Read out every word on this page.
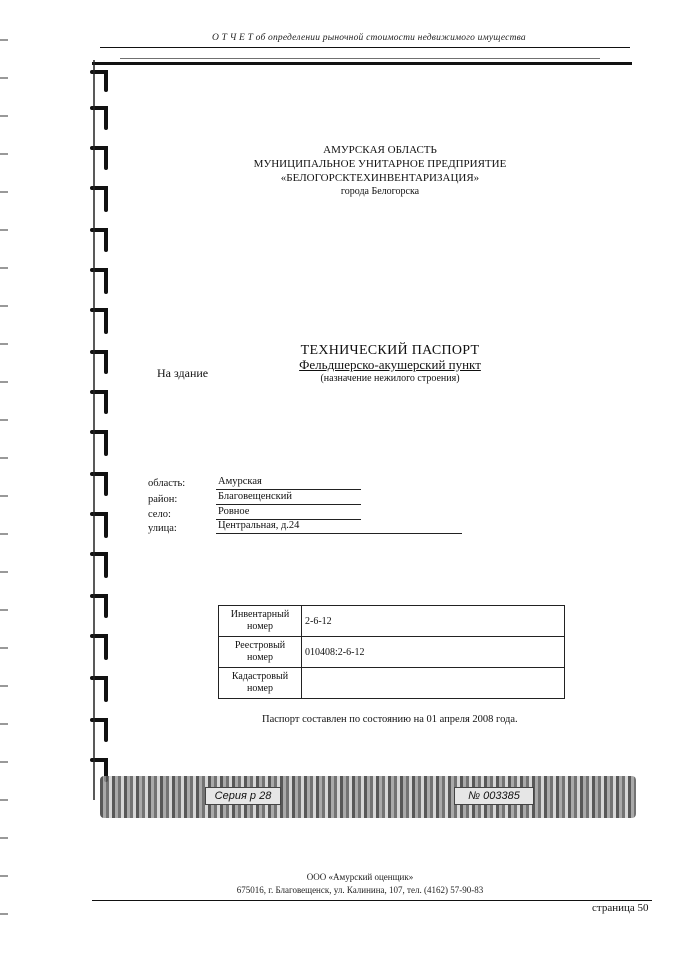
О Т Ч Е Т об определении рыночной стоимости недвижимого имущества
АМУРСКАЯ ОБЛАСТЬ
МУНИЦИПАЛЬНОЕ УНИТАРНОЕ ПРЕДПРИЯТИЕ
«БЕЛОГОРСКТЕХИНВЕНТАРИЗАЦИЯ»
города Белогорска
На здание
ТЕХНИЧЕСКИЙ ПАСПОРТ
Фельдшерско-акушерский пункт
(назначение нежилого строения)
область:	Амурская
район:	Благовещенский
село:	Ровное
улица:	Центральная, д.24
Инвентарный номер	2-6-12
Реестровый номер	010408:2-6-12
Кадастровый номер	
Паспорт составлен по состоянию на 01 апреля 2008 года.
Серия р 28	№ 003385
ООО «Амурский оценщик»
675016, г. Благовещенск, ул. Калинина, 107, тел. (4162) 57-90-83
страница 50
